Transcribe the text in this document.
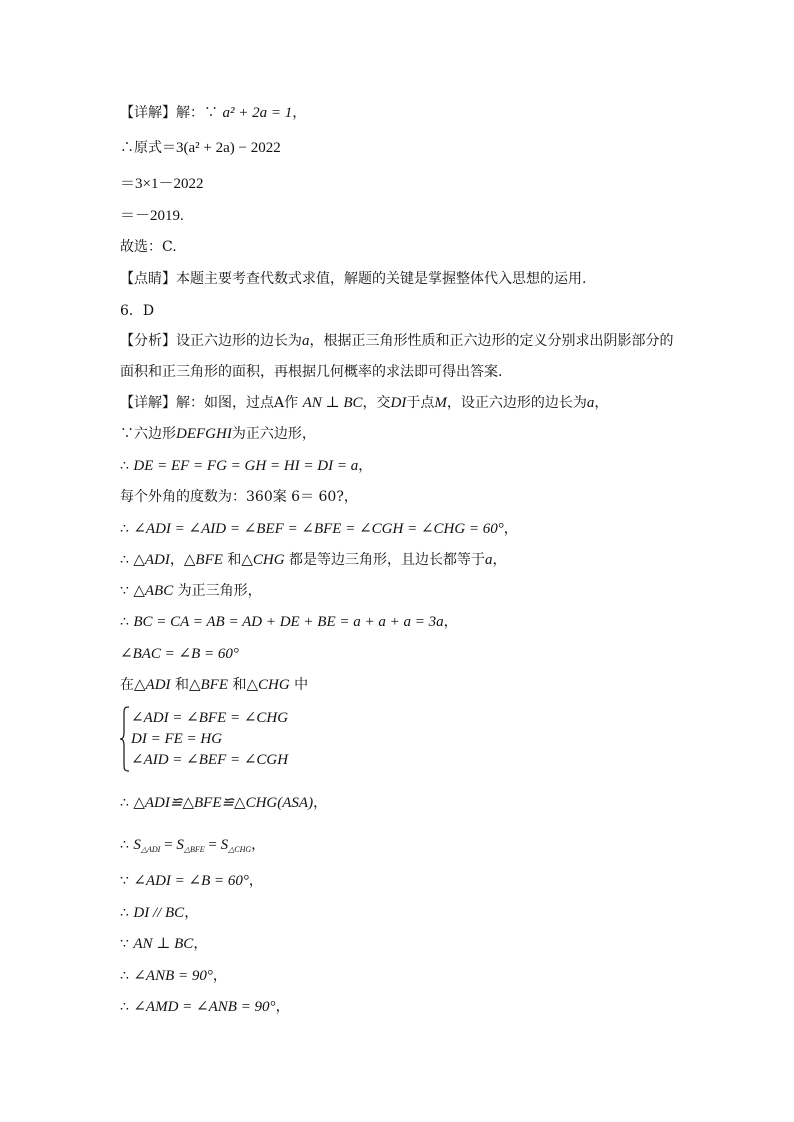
【详解】解：∵ a² + 2a = 1，
∴原式＝3(a² + 2a) − 2022
＝3×1－2022
＝－2019.
故选：C.
【点睛】本题主要考查代数式求值，解题的关键是掌握整体代入思想的运用.
6．D
【分析】设正六边形的边长为a，根据正三角形性质和正六边形的定义分别求出阴影部分的
面积和正三角形的面积，再根据几何概率的求法即可得出答案.
【详解】解：如图，过点A作 AN ⊥ BC，交DI于点M，设正六边形的边长为a，
∵六边形DEFGHI为正六边形，
∴ DE = EF = FG = GH = HI = DI = a，
每个外角的度数为：360案 6＝ 60?，
∴ ∠ADI = ∠AID = ∠BEF = ∠BFE = ∠CGH = ∠CHG = 60°，
∴ △ADI，△BFE 和△CHG 都是等边三角形，且边长都等于a，
∵ △ABC 为正三角形，
∴ BC = CA = AB = AD + DE + BE = a + a + a = 3a，
∠BAC = ∠B = 60°
在△ADI 和△BFE 和△CHG 中
∠ADI = ∠BFE = ∠CHG
DI = FE = HG
∠AID = ∠BEF = ∠CGH
∴ △ADI≌△BFE≌△CHG(ASA)，
∴ $S_{\triangle ADI} = S_{\triangle BFE} = S_{\triangle CHG}$，
∵ ∠ADI = ∠B = 60°，
∴ DI // BC，
∵ AN ⊥ BC，
∴ ∠ANB = 90°，
∴ ∠AMD = ∠ANB = 90°，
